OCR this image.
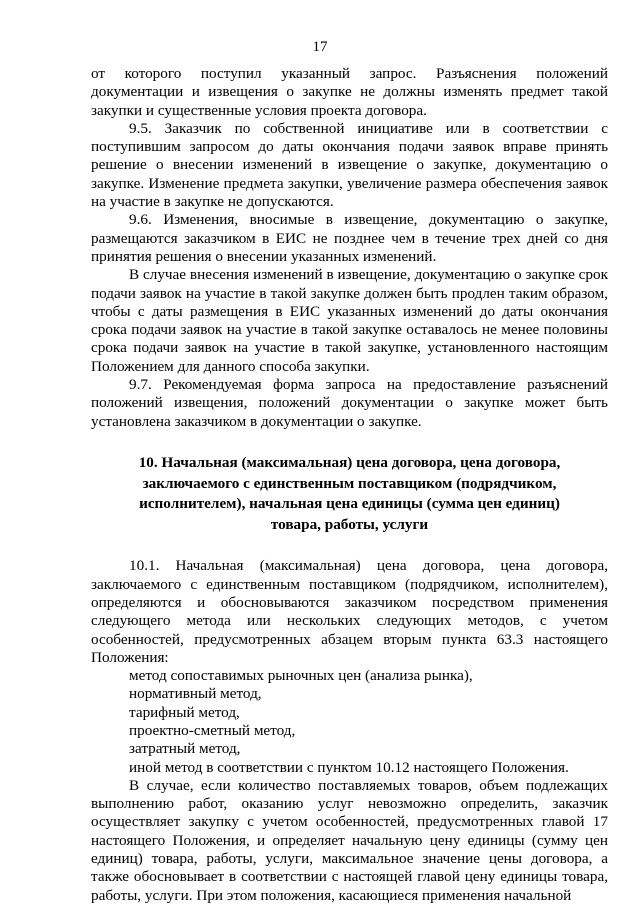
17

от которого поступил указанный запрос. Разъяснения положений документации и извещения о закупке не должны изменять предмет такой закупки и существенные условия проекта договора.

9.5. Заказчик по собственной инициативе или в соответствии с поступившим запросом до даты окончания подачи заявок вправе принять решение о внесении изменений в извещение о закупке, документацию о закупке. Изменение предмета закупки, увеличение размера обеспечения заявок на участие в закупке не допускаются.

9.6. Изменения, вносимые в извещение, документацию о закупке, размещаются заказчиком в ЕИС не позднее чем в течение трех дней со дня принятия решения о внесении указанных изменений.

В случае внесения изменений в извещение, документацию о закупке срок подачи заявок на участие в такой закупке должен быть продлен таким образом, чтобы с даты размещения в ЕИС указанных изменений до даты окончания срока подачи заявок на участие в такой закупке оставалось не менее половины срока подачи заявок на участие в такой закупке, установленного настоящим Положением для данного способа закупки.

9.7. Рекомендуемая форма запроса на предоставление разъяснений положений извещения, положений документации о закупке может быть установлена заказчиком в документации о закупке.

10. Начальная (максимальная) цена договора, цена договора, заключаемого с единственным поставщиком (подрядчиком, исполнителем), начальная цена единицы (сумма цен единиц) товара, работы, услуги

10.1. Начальная (максимальная) цена договора, цена договора, заключаемого с единственным поставщиком (подрядчиком, исполнителем), определяются и обосновываются заказчиком посредством применения следующего метода или нескольких следующих методов, с учетом особенностей, предусмотренных абзацем вторым пункта 63.3 настоящего Положения:

метод сопоставимых рыночных цен (анализа рынка),
нормативный метод,
тарифный метод,
проектно-сметный метод,
затратный метод,
иной метод в соответствии с пунктом 10.12 настоящего Положения.

В случае, если количество поставляемых товаров, объем подлежащих выполнению работ, оказанию услуг невозможно определить, заказчик осуществляет закупку с учетом особенностей, предусмотренных главой 17 настоящего Положения, и определяет начальную цену единицы (сумму цен единиц) товара, работы, услуги, максимальное значение цены договора, а также обосновывает в соответствии с настоящей главой цену единицы товара, работы, услуги. При этом положения, касающиеся применения начальной
